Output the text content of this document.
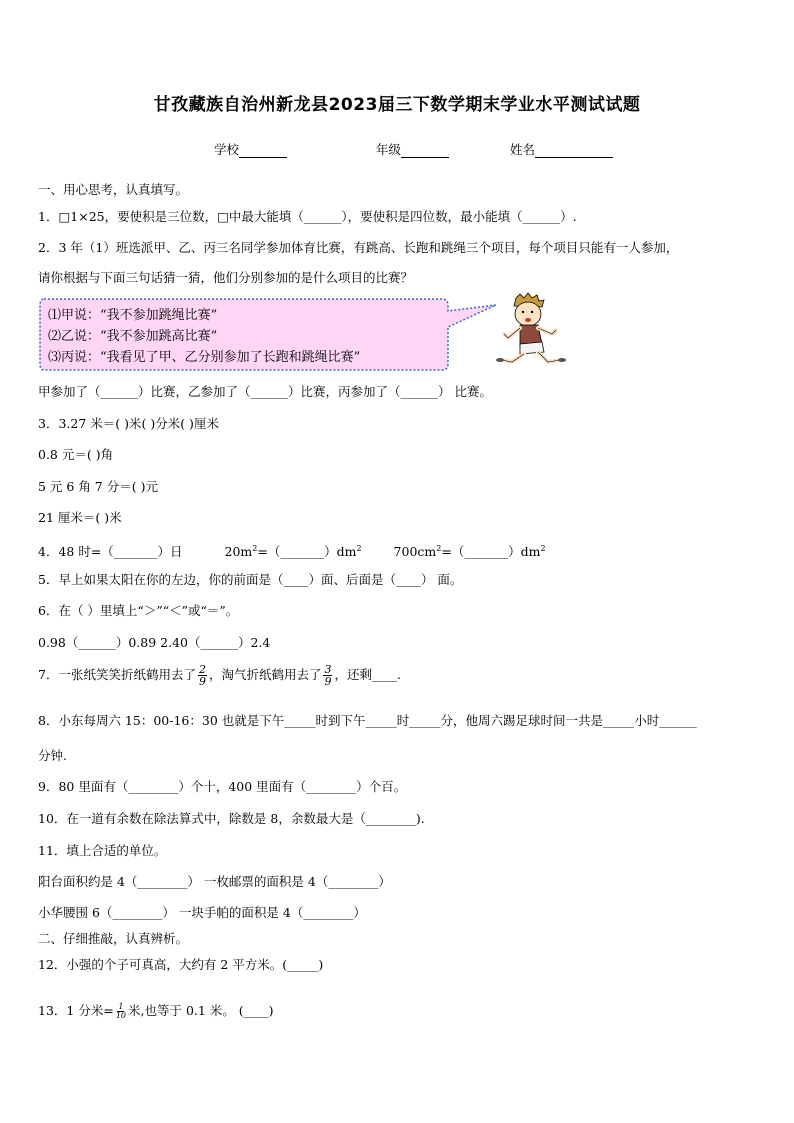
甘孜藏族自治州新龙县2023届三下数学期末学业水平测试试题
学校	年级	姓名
一、用心思考，认真填写。
1．□1×25，要使积是三位数，□中最大能填（______），要使积是四位数，最小能填（______）.
2．3 年（1）班选派甲、乙、丙三名同学参加体育比赛，有跳高、长跑和跳绳三个项目，每个项目只能有一人参加，
请你根据与下面三句话猜一猜，他们分别参加的是什么项目的比赛？
⑴甲说：“我不参加跳绳比赛”
⑵乙说：“我不参加跳高比赛”
⑶丙说：“我看见了甲、乙分别参加了长跑和跳绳比赛”
甲参加了（______）比赛，乙参加了（______）比赛，丙参加了（______） 比赛。
3．3.27 米＝( )米( )分米( )厘米
0.8 元＝( )角
5 元 6 角 7 分＝( )元
21 厘米＝( )米
4．48 时=（_______）日	$20m^2=(\_\_\_\_\_\_\_)dm^2$	$700cm^2=(\_\_\_\_\_\_\_)dm^2$
5．早上如果太阳在你的左边，你的前面是（____）面、后面是（____） 面。
6．在（ ）里填上“＞”“＜”或“＝”。
0.98（______）0.89 2.40（______）2.4
7．一张纸笑笑折纸鹤用去了 $\frac{2}{9}$ ，淘气折纸鹤用去了 $\frac{3}{9}$ ，还剩____.
8．小东每周六 15：00-16：30 也就是下午_____时到下午_____时_____分，他周六踢足球时间一共是_____小时______
分钟.
9．80 里面有（________）个十，400 里面有（________）个百。
10．在一道有余数在除法算式中，除数是 8，余数最大是（________).
11．填上合适的单位。
阳台面积约是 4（________） 一枚邮票的面积是 4（________）
小华腰围 6（________） 一块手帕的面积是 4（________）
二、仔细推敲，认真辨析。
12．小强的个子可真高，大约有 2 平方米。(_____)
13．1 分米= $\frac{1}{10}$ 米,也等于 0.1 米。 (____)
